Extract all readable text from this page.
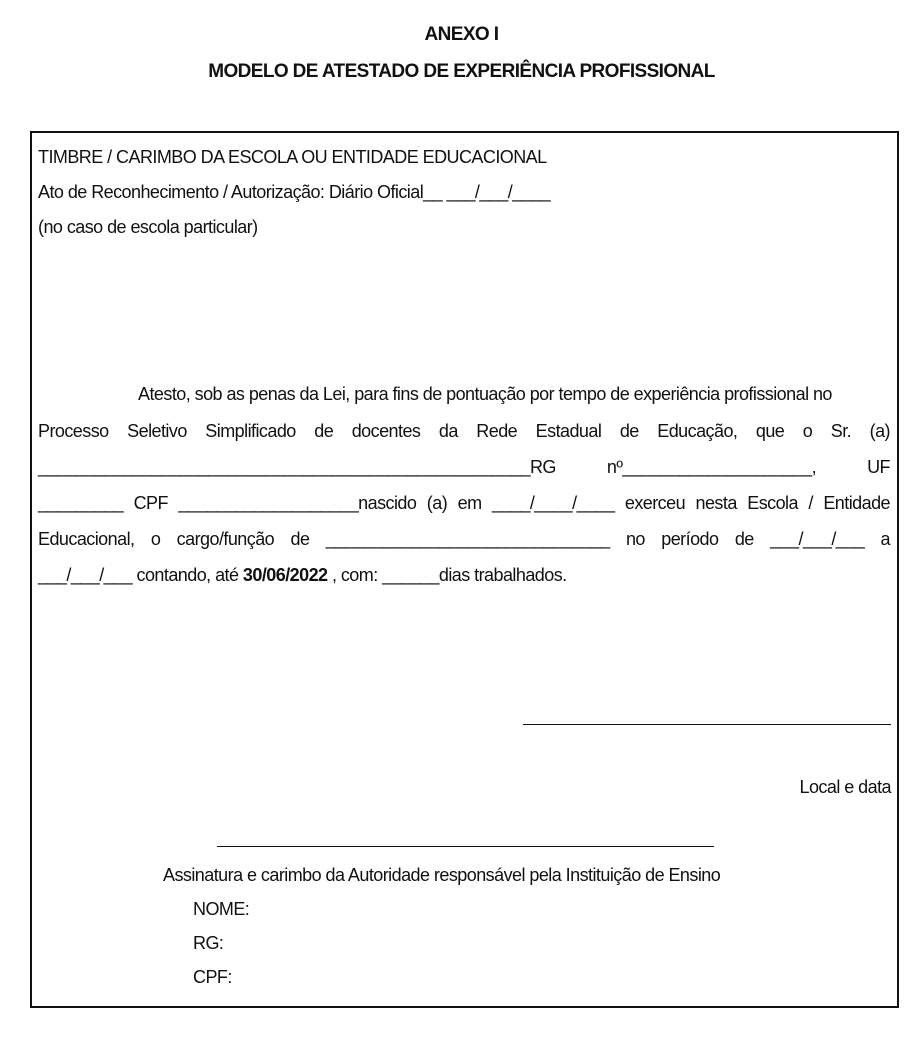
ANEXO I
MODELO DE ATESTADO DE EXPERIÊNCIA PROFISSIONAL
TIMBRE / CARIMBO DA ESCOLA OU ENTIDADE EDUCACIONAL
Ato de Reconhecimento / Autorização: Diário Oficial__ ___/___/____
(no caso de escola particular)
Atesto, sob as penas da Lei, para fins de pontuação por tempo de experiência profissional no
Processo Seletivo Simplificado de docentes da Rede Estadual de Educação, que o Sr. (a)
____________________________________________________RG nº____________________, UF
_________ CPF ___________________nascido (a) em ____/____/____ exerceu nesta Escola / Entidade
Educacional, o cargo/função de ______________________________ no período de ___/___/___ a
___/___/___ contando, até 30/06/2022 , com: ______dias trabalhados.
Local e data
Assinatura e carimbo da Autoridade responsável pela Instituição de Ensino
NOME:
RG:
CPF:
